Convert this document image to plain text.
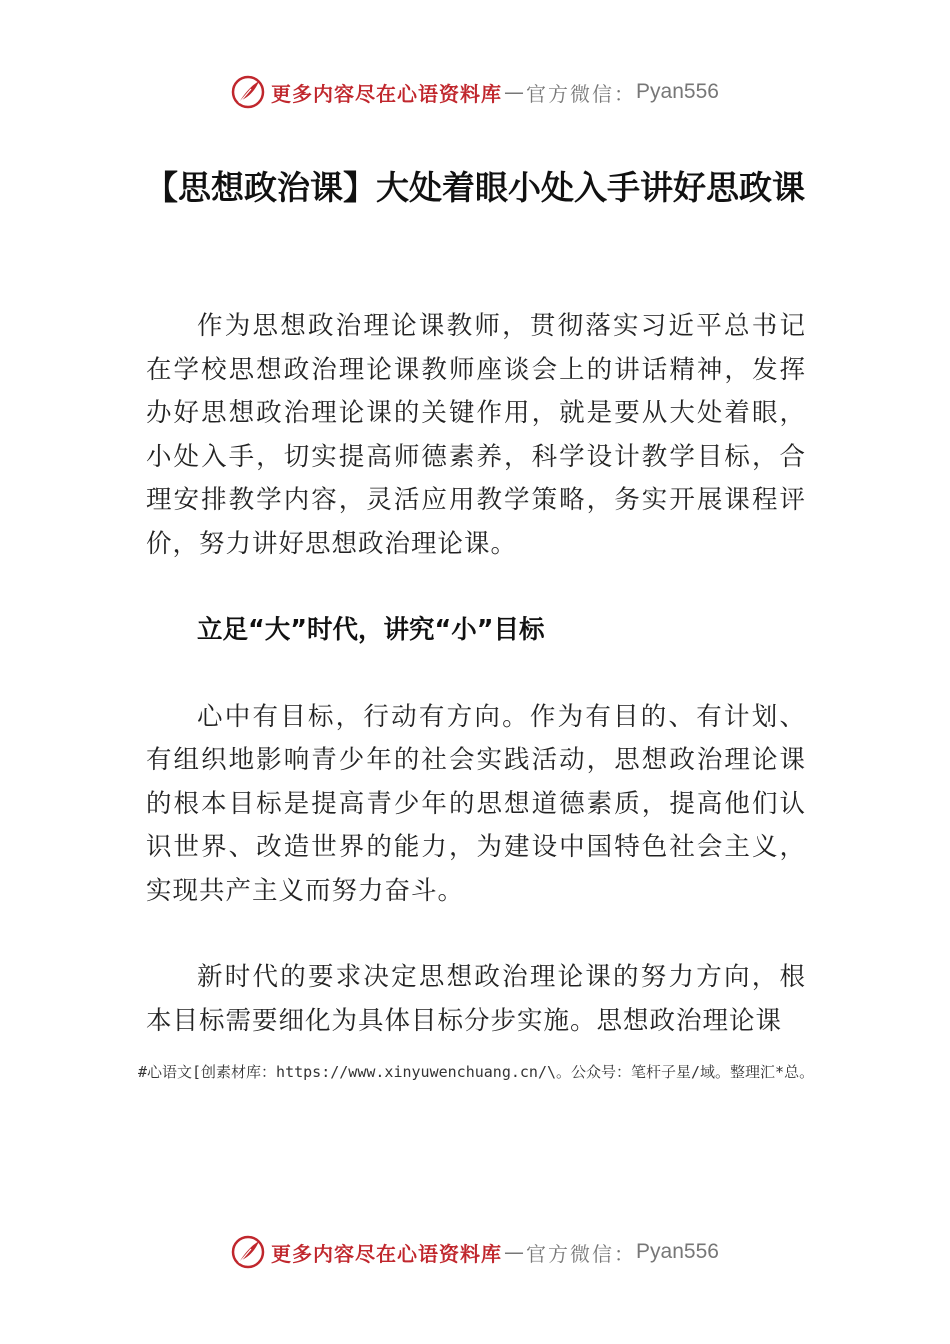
更多内容尽在心语资料库 — 官方微信： Pyan556
【思想政治课】大处着眼小处入手讲好思政课

作为思想政治理论课教师，贯彻落实习近平总书记在学校思想政治理论课教师座谈会上的讲话精神，发挥办好思想政治理论课的关键作用，就是要从大处着眼，小处入手，切实提高师德素养，科学设计教学目标，合理安排教学内容，灵活应用教学策略，务实开展课程评价，努力讲好思想政治理论课。

立足“大”时代，讲究“小”目标

心中有目标，行动有方向。作为有目的、有计划、有组织地影响青少年的社会实践活动，思想政治理论课的根本目标是提高青少年的思想道德素质，提高他们认识世界、改造世界的能力，为建设中国特色社会主义，实现共产主义而努力奋斗。

新时代的要求决定思想政治理论课的努力方向，根本目标需要细化为具体目标分步实施。思想政治理论课

#心语文[创素材库：https://www.xinyuwenchuang.cn/\。公众号：笔杆子星/域。整理汇*总。
更多内容尽在心语资料库 — 官方微信： Pyan556
